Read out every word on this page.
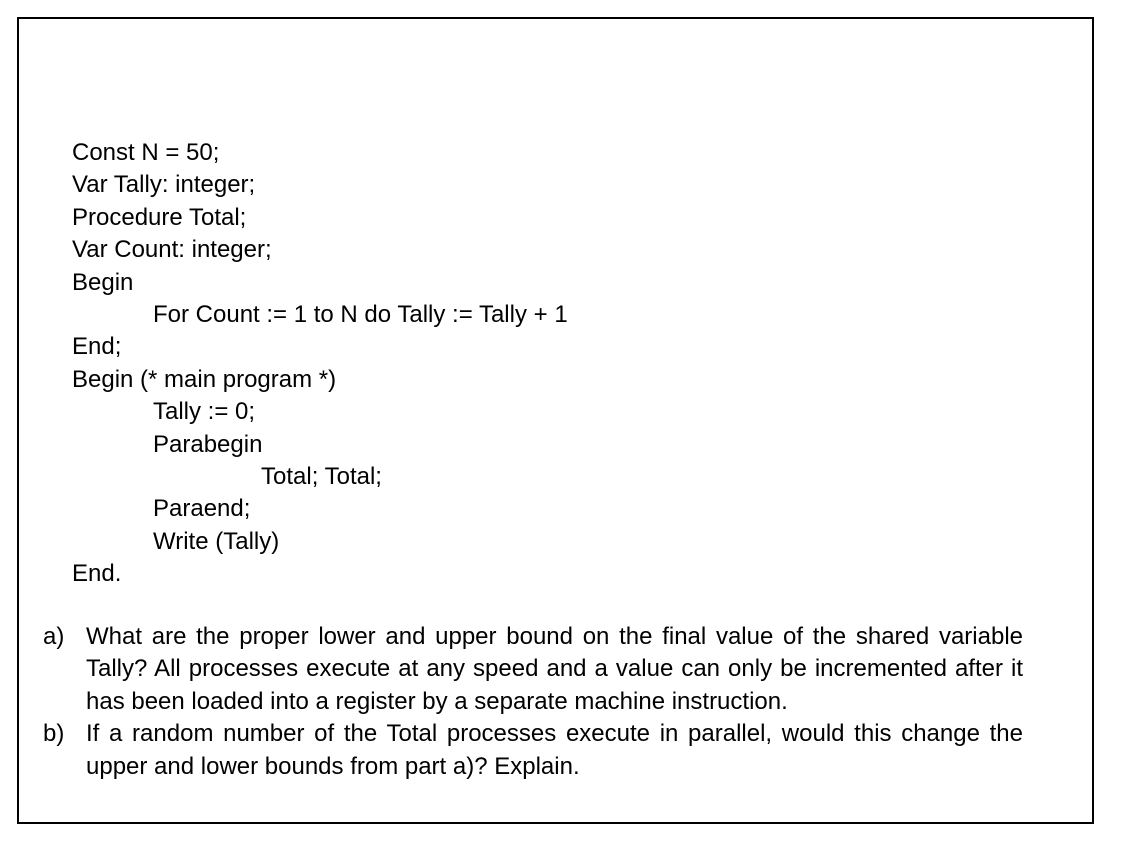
Const N = 50;
Var Tally: integer;
Procedure Total;
Var Count: integer;
Begin
For Count := 1 to N do Tally := Tally + 1
End;
Begin (* main program *)
Tally := 0;
Parabegin
Total; Total;
Paraend;
Write (Tally)
End.
a) What are the proper lower and upper bound on the final value of the shared variable Tally? All processes execute at any speed and a value can only be incremented after it has been loaded into a register by a separate machine instruction.
b) If a random number of the Total processes execute in parallel, would this change the upper and lower bounds from part a)? Explain.
